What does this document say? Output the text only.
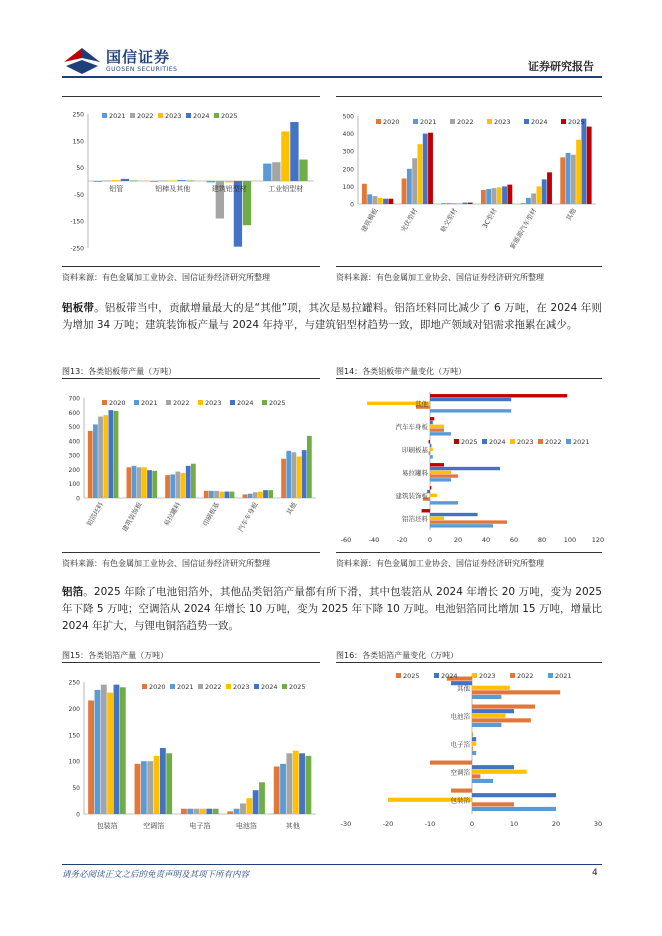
国信证券
GUOSEN SECURITIES	证券研究报告
250
150
50
-50
-150
-250
铝管	铝棒及其他	建筑铝型材	工业铝型材
2021 2022 2023 2024 2025
资料来源：有色金属加工业协会、国信证券经济研究所整理
500
400
300
200
100
0
建筑模板	光伏型材	轨交型材	3C型材 新能源汽车型材	其他
2020	2021	2022	2023	2024	2025
资料来源：有色金属加工业协会、国信证券经济研究所整理
铝板带。铝板带当中，贡献增量最大的是“其他”项，其次是易拉罐料。铝箔坯料同比减少了 6 万吨，在 2024 年则为增加 34 万吨；建筑装饰板产量与 2024 年持平，与建筑铝型材趋势一致，即地产领域对铝需求拖累在减少。
图13：各类铝板带产量（万吨）	图14：各类铝板带产量变化（万吨）
700
600
500
400
300
200
100
0
铝箔坯料 建筑装饰板	易拉罐料	印刷板基 汽车车身板	其他
2020 2021 2022 2023 2024 2025
-60	-40	-20	0	20	40	60	80	100 120
其他
汽车车身板
印刷板基
易拉罐料
建筑装饰板
铝箔坯料
2025 2024 2023 2022 2021
资料来源：有色金属加工业协会、国信证券经济研究所整理	资料来源：有色金属加工业协会、国信证券经济研究所整理
铝箔。2025 年除了电池铝箔外，其他品类铝箔产量都有所下滑，其中包装箔从 2024 年增长 20 万吨，变为 2025 年下降 5 万吨；空调箔从 2024 年增长 10 万吨，变为 2025 年下降 10 万吨。电池铝箔同比增加 15 万吨，增量比 2024 年扩大，与锂电铜箔趋势一致。
图15：各类铝箔产量（万吨）	图16：各类铝箔产量变化（万吨）
250
200
150
100
50
0
包装箔	空调箔	电子箔	电池箔	其他
2020 2021 2022 2023 2024 2025
-30	-20	-10	0	10	20	30
其他
电池箔
电子箔
空调箔
包装箔
2025	2024	2023	2022	2021
请务必阅读正文之后的免责声明及其项下所有内容	4
